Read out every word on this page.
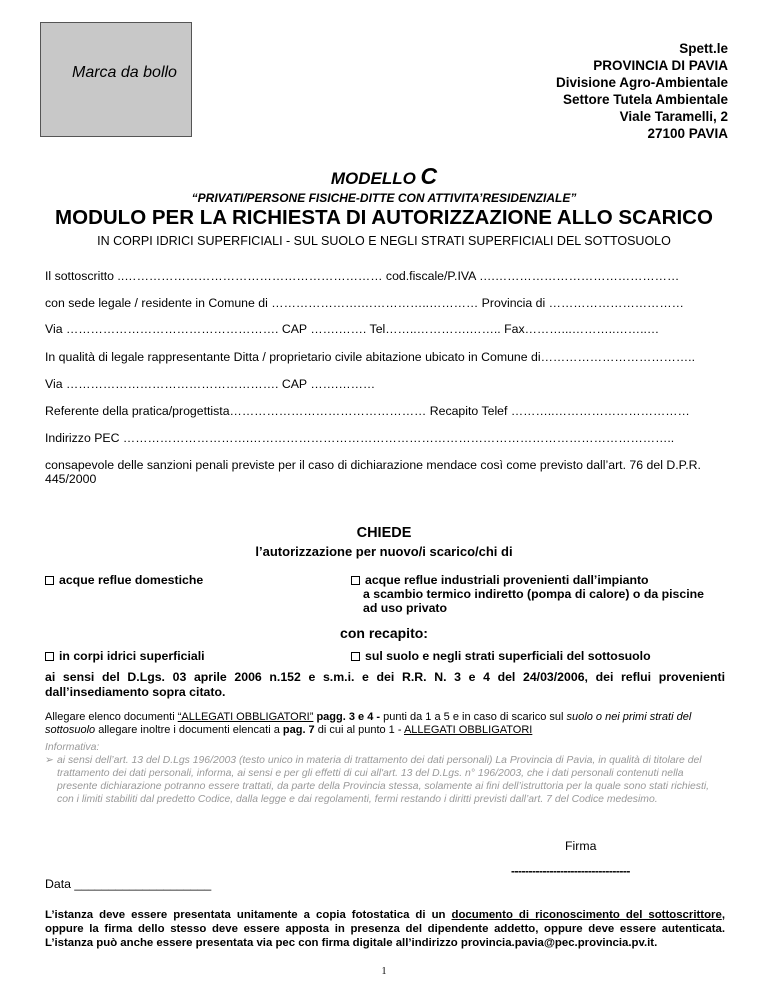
Marca da bollo
Spett.le
PROVINCIA DI PAVIA
Divisione Agro-Ambientale
Settore Tutela Ambientale
Viale Taramelli, 2
27100 PAVIA
MODELLO C
“PRIVATI/PERSONE FISICHE-DITTE CON ATTIVITA’RESIDENZIALE”
MODULO PER LA RICHIESTA DI AUTORIZZAZIONE ALLO SCARICO
IN CORPI IDRICI SUPERFICIALI - SUL SUOLO E NEGLI STRATI SUPERFICIALI DEL SOTTOSUOLO
Il sottoscritto ..……………………………………………………… cod.fiscale/P.IVA ….………………………………………
con sede legale / residente in Comune di ………………….……………..………… Provincia di ……………………………
Via ……………………………………………. CAP …….……. Tel……..………….…….. Fax………...………..……..…
In qualità di legale rappresentante Ditta / proprietario civile abitazione ubicato in Comune di………………………………..
Via ……………………………………………. CAP …….………
Referente della pratica/progettista………………………………………… Recapito Telef ………..……………………………
Indirizzo PEC ………………………….…………………………………………………………………………………………..
consapevole delle sanzioni penali previste per il caso di dichiarazione mendace così come previsto dall’art. 76 del D.P.R. 445/2000
CHIEDE
l’autorizzazione per nuovo/i scarico/chi di
acque reflue domestiche	acque reflue industriali provenienti dall’impianto
a scambio termico indiretto (pompa di calore) o da piscine
ad uso privato
con recapito:
in corpi idrici superficiali	sul suolo e negli strati superficiali del sottosuolo
ai sensi del D.Lgs. 03 aprile 2006 n.152 e s.m.i. e dei R.R. N. 3 e 4 del 24/03/2006, dei reflui provenienti dall’insediamento sopra citato.
Allegare elenco documenti “ALLEGATI OBBLIGATORI” pagg. 3 e 4 - punti da 1 a 5 e in caso di scarico sul suolo o nei primi strati del sottosuolo allegare inoltre i documenti elencati a pag. 7 di cui al punto 1 - ALLEGATI OBBLIGATORI
Informativa:
➢ ai sensi dell’art. 13 del D.Lgs 196/2003 (testo unico in materia di trattamento dei dati personali) La Provincia di Pavia, in qualità di titolare del trattamento dei dati personali, informa, ai sensi e per gli effetti di cui all'art. 13 del D.Lgs. n° 196/2003, che i dati personali contenuti nella presente dichiarazione potranno essere trattati, da parte della Provincia stessa, solamente ai fini dell’istruttoria per la quale sono stati richiesti, con i limiti stabiliti dal predetto Codice, dalla legge e dai regolamenti, fermi restando i diritti previsti dall’art. 7 del Codice medesimo.
Firma
----------------------------------
Data ____________________
L’istanza deve essere presentata unitamente a copia fotostatica di un documento di riconoscimento del sottoscrittore, oppure la firma dello stesso deve essere apposta in presenza del dipendente addetto, oppure deve essere autenticata. L’istanza può anche essere presentata via pec con firma digitale all’indirizzo provincia.pavia@pec.provincia.pv.it.
1
